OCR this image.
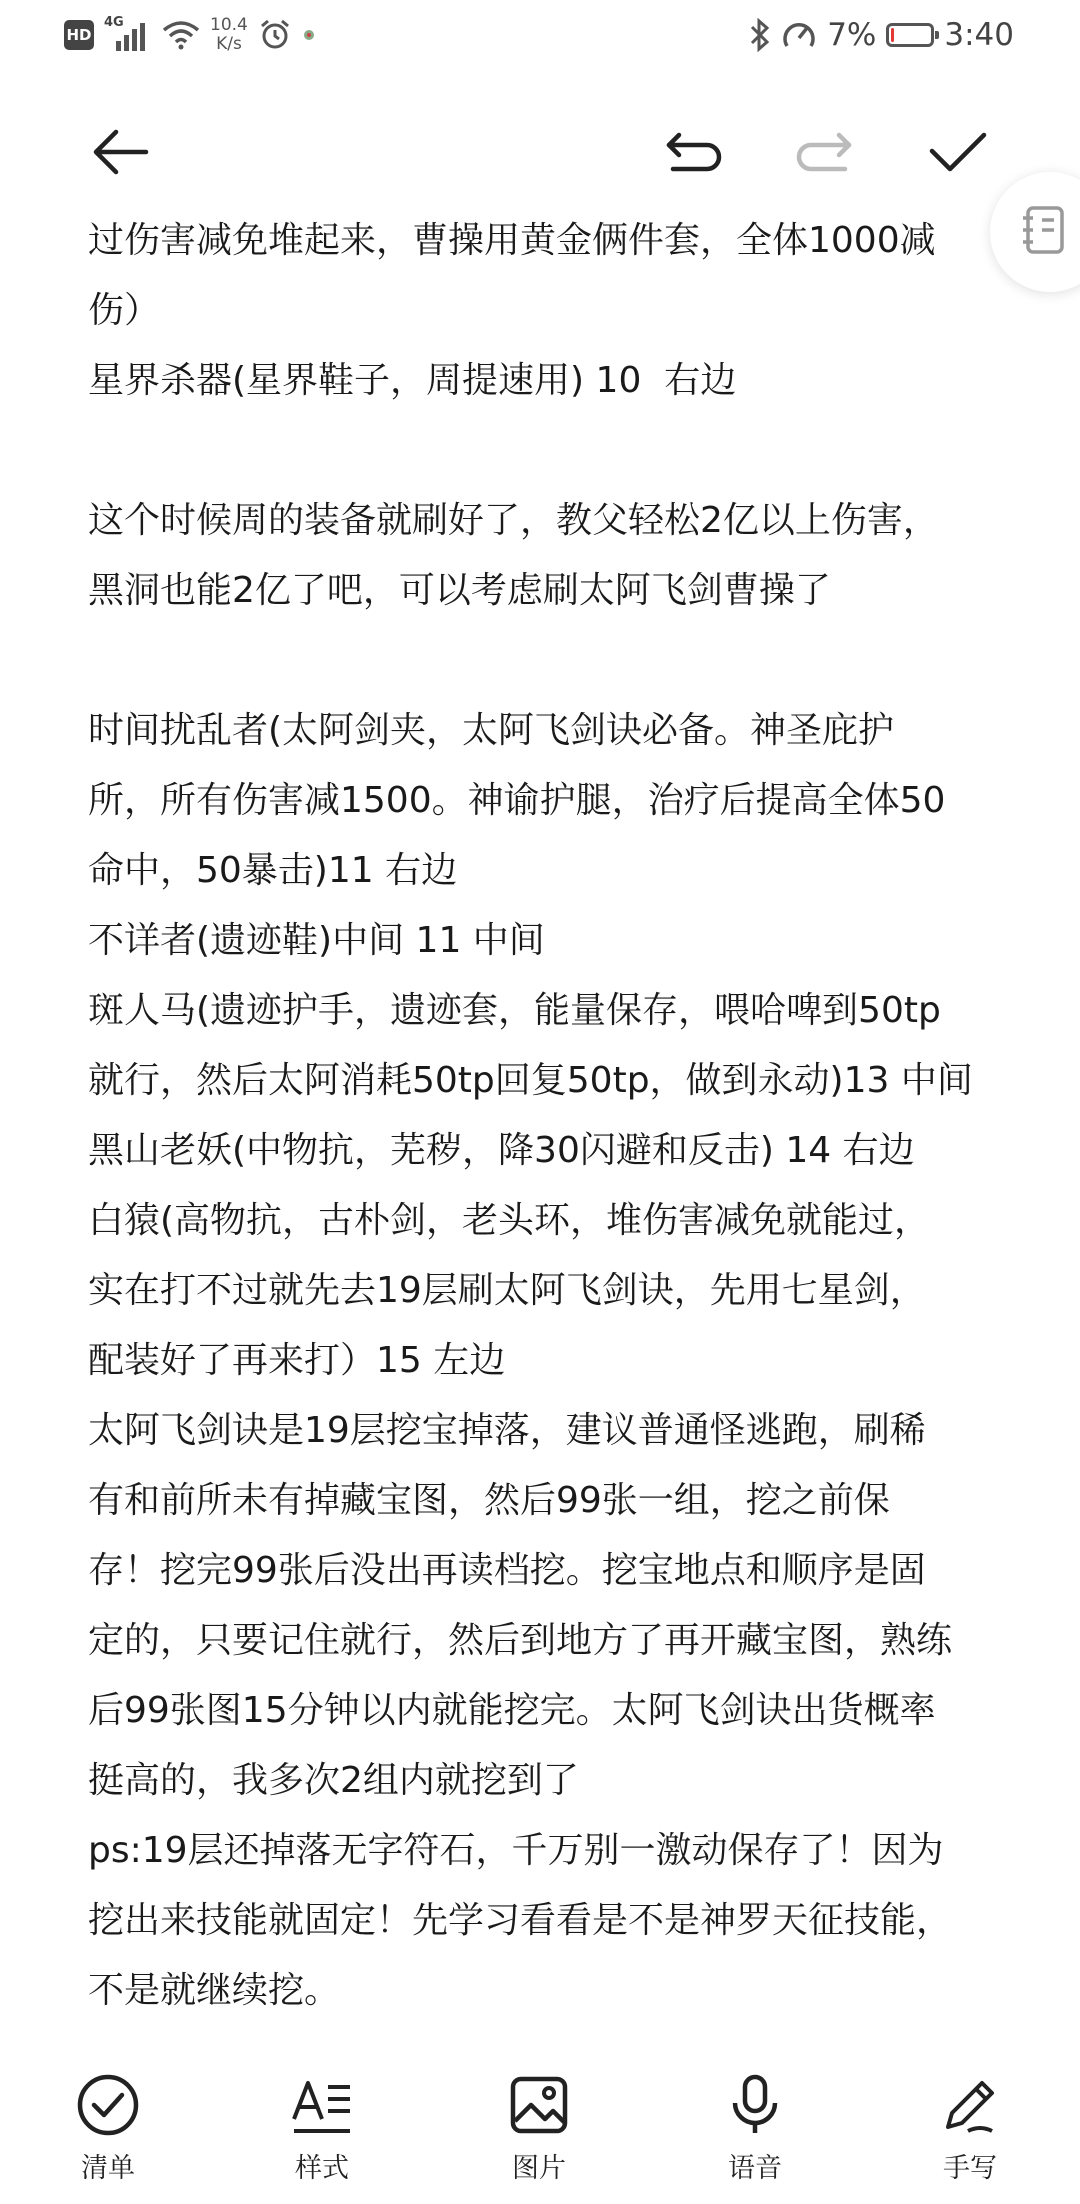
HD
4G	10.4
K/s	7% 3:40

过伤害减免堆起来，曹操用黄金俩件套，全体1000减

伤）

星界杀器(星界鞋子，周提速用) 10  右边

这个时候周的装备就刷好了，教父轻松2亿以上伤害，

黑洞也能2亿了吧，可以考虑刷太阿飞剑曹操了

时间扰乱者(太阿剑夹，太阿飞剑诀必备。神圣庇护

所，所有伤害减1500。神谕护腿，治疗后提高全体50

命中，50暴击)11 右边

不详者(遗迹鞋)中间 11 中间

斑人马(遗迹护手，遗迹套，能量保存，喂哈啤到50tp

就行，然后太阿消耗50tp回复50tp，做到永动)13 中间

黑山老妖(中物抗，芜秽，降30闪避和反击) 14 右边

白猿(高物抗，古朴剑，老头环，堆伤害减免就能过，

实在打不过就先去19层刷太阿飞剑诀，先用七星剑，

配装好了再来打）15 左边

太阿飞剑诀是19层挖宝掉落，建议普通怪逃跑，刷稀

有和前所未有掉藏宝图，然后99张一组，挖之前保

存！挖完99张后没出再读档挖。挖宝地点和顺序是固

定的，只要记住就行，然后到地方了再开藏宝图，熟练

后99张图15分钟以内就能挖完。太阿飞剑诀出货概率

挺高的，我多次2组内就挖到了

ps:19层还掉落无字符石，千万别一激动保存了！因为

挖出来技能就固定！先学习看看是不是神罗天征技能，

不是就继续挖。

清单	样式	图片	语音	手写
